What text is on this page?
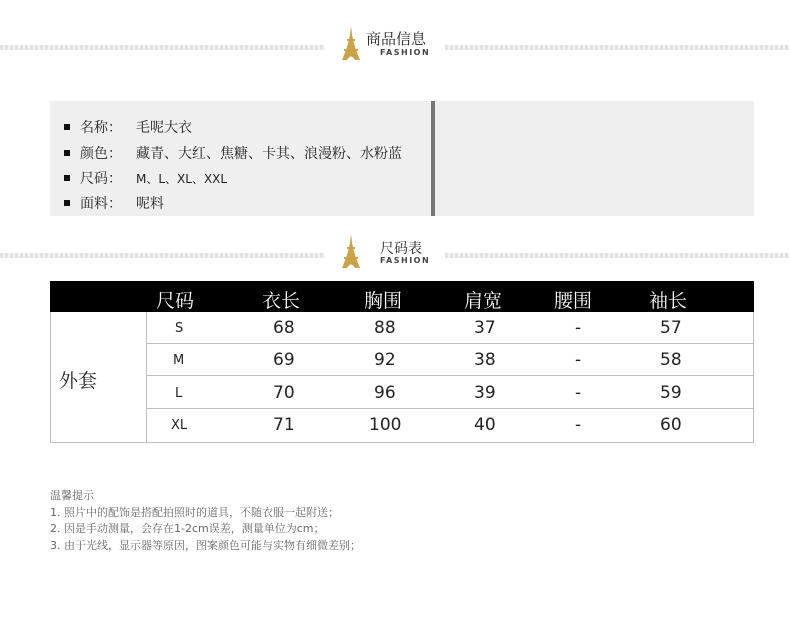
商品信息
FASHION
名称：	毛呢大衣
颜色：	藏青、大红、焦糖、卡其、浪漫粉、水粉蓝
尺码：	M、L、XL、XXL
面料：	呢料
尺码表
FASHION
尺码	衣长	胸围	肩宽	腰围	袖长
外套
S	68	88	37	-	57
M	69	92	38	-	58
L	70	96	39	-	59
XL	71	100	40	-	60
温馨提示
1. 照片中的配饰是搭配拍照时的道具，不随衣服一起附送；
2. 因是手动测量，会存在1-2cm误差，测量单位为cm；
3. 由于光线，显示器等原因，图案颜色可能与实物有细微差别；
